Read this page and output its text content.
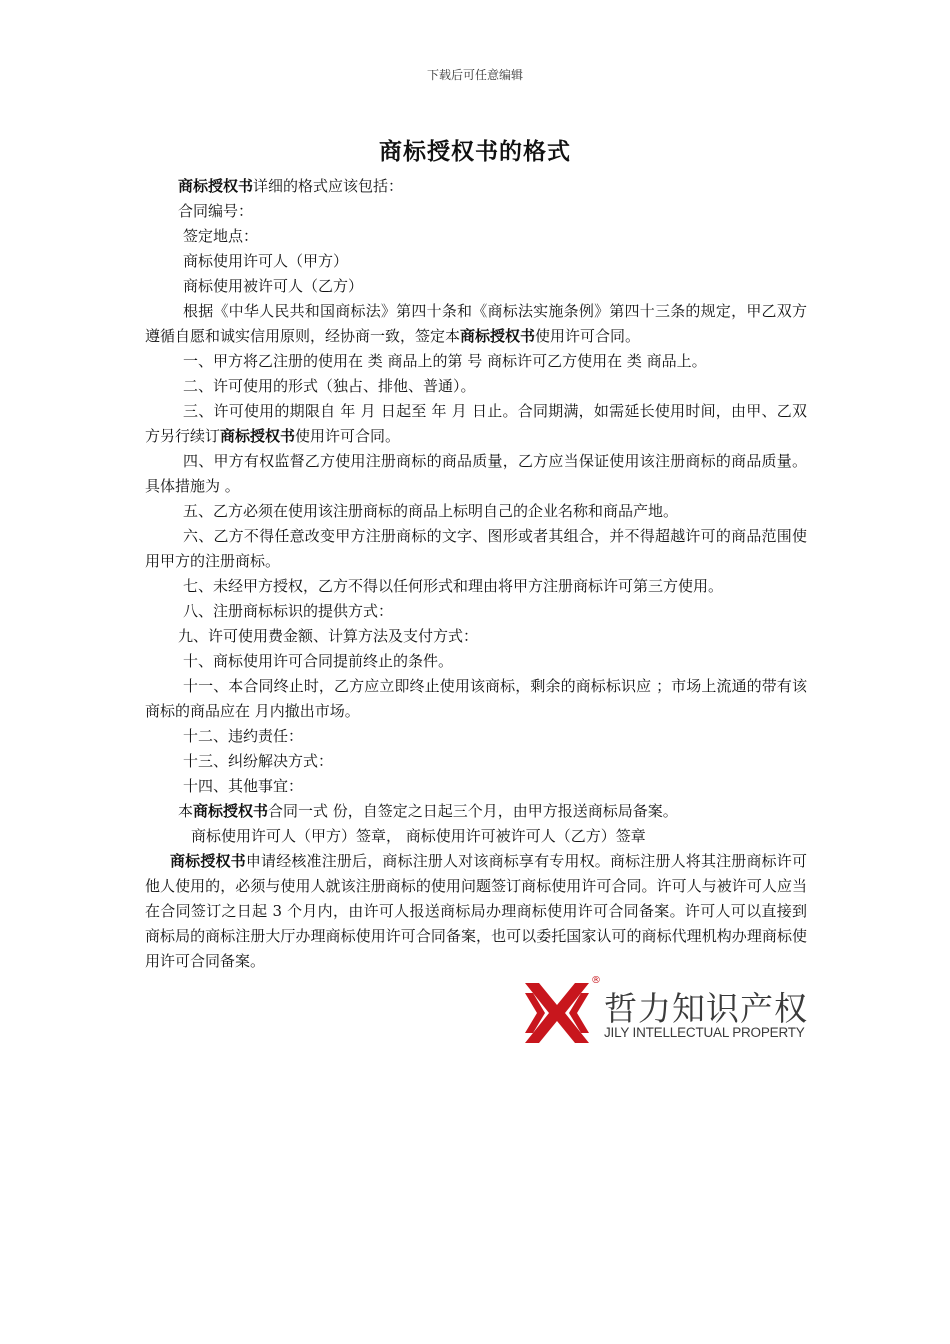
下载后可任意编辑
商标授权书的格式

商标授权书详细的格式应该包括：

合同编号：

签定地点：

商标使用许可人（甲方）

商标使用被许可人（乙方）

根据《中华人民共和国商标法》第四十条和《商标法实施条例》第四十三条的规定，甲乙双方遵循自愿和诚实信用原则，经协商一致，签定本商标授权书使用许可合同。

一、甲方将乙注册的使用在 类 商品上的第 号 商标许可乙方使用在 类 商品上。

二、许可使用的形式（独占、排他、普通）。

三、许可使用的期限自 年 月 日起至 年 月 日止。合同期满，如需延长使用时间，由甲、乙双方另行续订商标授权书使用许可合同。

四、甲方有权监督乙方使用注册商标的商品质量，乙方应当保证使用该注册商标的商品质量。具体措施为 。

五、乙方必须在使用该注册商标的商品上标明自己的企业名称和商品产地。

六、乙方不得任意改变甲方注册商标的文字、图形或者其组合，并不得超越许可的商品范围使用甲方的注册商标。

七、未经甲方授权，乙方不得以任何形式和理由将甲方注册商标许可第三方使用。

八、注册商标标识的提供方式：

九、许可使用费金额、计算方法及支付方式：

十、商标使用许可合同提前终止的条件。

十一、本合同终止时，乙方应立即终止使用该商标，剩余的商标标识应 ；市场上流通的带有该商标的商品应在 月内撤出市场。

十二、违约责任：

十三、纠纷解决方式：

十四、其他事宜：

本商标授权书合同一式 份，自签定之日起三个月，由甲方报送商标局备案。

商标使用许可人（甲方）签章， 商标使用许可被许可人（乙方）签章

商标授权书申请经核准注册后，商标注册人对该商标享有专用权。商标注册人将其注册商标许可他人使用的，必须与使用人就该注册商标的使用问题签订商标使用许可合同。许可人与被许可人应当在合同签订之日起 3 个月内，由许可人报送商标局办理商标使用许可合同备案。许可人可以直接到商标局的商标注册大厅办理商标使用许可合同备案，也可以委托国家认可的商标代理机构办理商标使用许可合同备案。

®
哲力知识产权
JILY INTELLECTUAL PROPERTY
